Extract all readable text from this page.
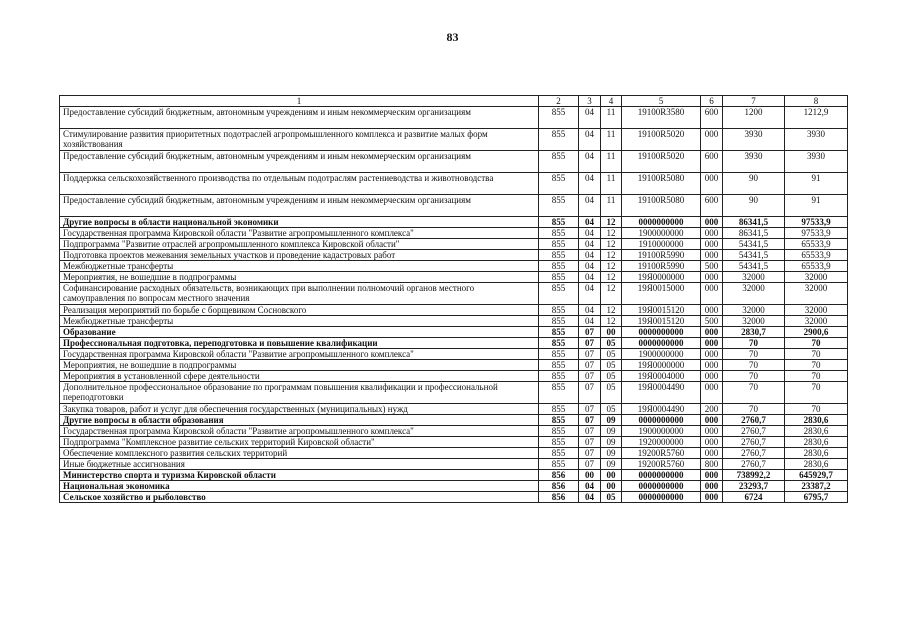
83
1	2	3	4	5	6	7	8
Предоставление субсидий бюджетным, автономным учреждениям и иным некоммерческим организациям	855	04	11	19100R3580	600	1200	1212,9
Стимулирование развития приоритетных подотраслей агропромышленного комплекса и развитие малых форм хозяйствования	855	04	11	19100R5020	000	3930	3930
Предоставление субсидий бюджетным, автономным учреждениям и иным некоммерческим организациям	855	04	11	19100R5020	600	3930	3930
Поддержка сельскохозяйственного производства по отдельным подотраслям растениеводства и животноводства	855	04	11	19100R5080	000	90	91
Предоставление субсидий бюджетным, автономным учреждениям и иным некоммерческим организациям	855	04	11	19100R5080	600	90	91
Другие вопросы в области национальной экономики	855	04	12	0000000000	000	86341,5	97533,9
Государственная программа Кировской области "Развитие агропромышленного комплекса"	855	04	12	1900000000	000	86341,5	97533,9
Подпрограмма "Развитие отраслей агропромышленного комплекса Кировской области"	855	04	12	1910000000	000	54341,5	65533,9
Подготовка проектов межевания земельных участков и проведение кадастровых работ	855	04	12	19100R5990	000	54341,5	65533,9
Межбюджетные трансферты	855	04	12	19100R5990	500	54341,5	65533,9
Мероприятия, не вошедшие в подпрограммы	855	04	12	19Я0000000	000	32000	32000
Софинансирование расходных обязательств, возникающих при выполнении полномочий органов местного самоуправления по вопросам местного значения	855	04	12	19Я0015000	000	32000	32000
Реализация мероприятий по борьбе с борщевиком Сосновского	855	04	12	19Я0015120	000	32000	32000
Межбюджетные трансферты	855	04	12	19Я0015120	500	32000	32000
Образование	855	07	00	0000000000	000	2830,7	2900,6
Профессиональная подготовка, переподготовка и повышение квалификации	855	07	05	0000000000	000	70	70
Государственная программа Кировской области "Развитие агропромышленного комплекса"	855	07	05	1900000000	000	70	70
Мероприятия, не вошедшие в подпрограммы	855	07	05	19Я0000000	000	70	70
Мероприятия в установленной сфере деятельности	855	07	05	19Я0004000	000	70	70
Дополнительное профессиональное образование по программам повышения квалификации и профессиональной переподготовки	855	07	05	19Я0004490	000	70	70
Закупка товаров, работ и услуг для обеспечения государственных (муниципальных) нужд	855	07	05	19Я0004490	200	70	70
Другие вопросы в области образования	855	07	09	0000000000	000	2760,7	2830,6
Государственная программа Кировской области "Развитие агропромышленного комплекса"	855	07	09	1900000000	000	2760,7	2830,6
Подпрограмма "Комплексное развитие сельских территорий Кировской области"	855	07	09	1920000000	000	2760,7	2830,6
Обеспечение комплексного развития сельских территорий	855	07	09	19200R5760	000	2760,7	2830,6
Иные бюджетные ассигнования	855	07	09	19200R5760	800	2760,7	2830,6
Министерство спорта и туризма Кировской области	856	00	00	0000000000	000	738992,2	645929,7
Национальная экономика	856	04	00	0000000000	000	23293,7	23387,2
Сельское хозяйство и рыболовство	856	04	05	0000000000	000	6724	6795,7
